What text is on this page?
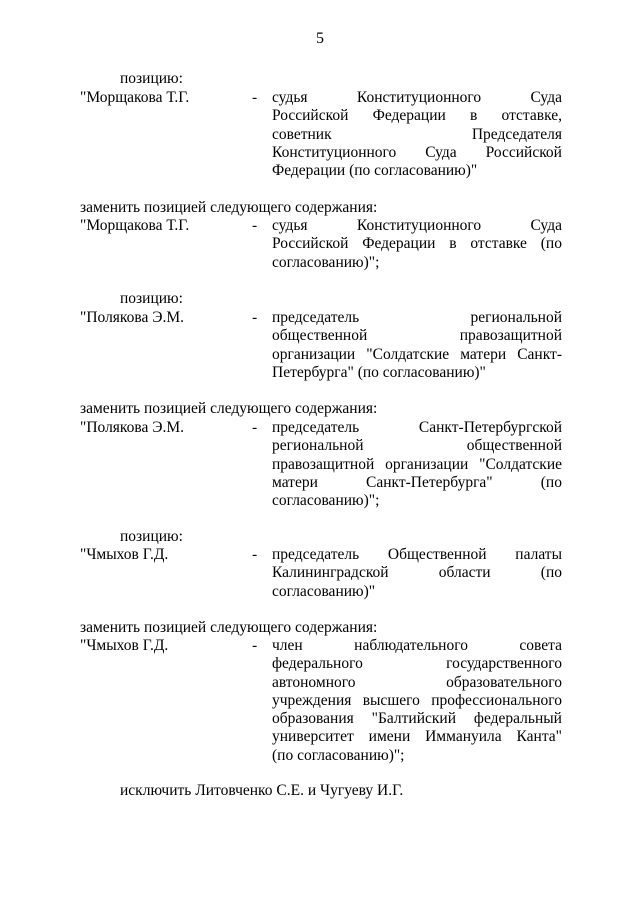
5
позицию:
"Морщакова Т.Г.	- судья	Конституционного	Суда
Российской Федерации в отставке,
советник	Председателя
Конституционного Суда Российской
Федерации (по согласованию)"
заменить позицией следующего содержания:
"Морщакова Т.Г.	- судья	Конституционного	Суда
Российской Федерации в отставке (по
согласованию)";
позицию:
"Полякова Э.М.	- председатель	региональной
общественной	правозащитной
организации "Солдатские матери Санкт-
Петербурга" (по согласованию)"
заменить позицией следующего содержания:
"Полякова Э.М.	- председатель	Санкт-Петербургской
региональной	общественной
правозащитной организации "Солдатские
матери	Санкт-Петербурга"	(по
согласованию)";
позицию:
"Чмыхов Г.Д.	- председатель Общественной палаты
Калининградской	области	(по
согласованию)"
заменить позицией следующего содержания:
"Чмыхов Г.Д.	- член	наблюдательного	совета
федерального	государственного
автономного	образовательного
учреждения высшего профессионального
образования "Балтийский федеральный
университет имени Иммануила Канта"
(по согласованию)";
исключить Литовченко С.Е. и Чугуеву И.Г.
